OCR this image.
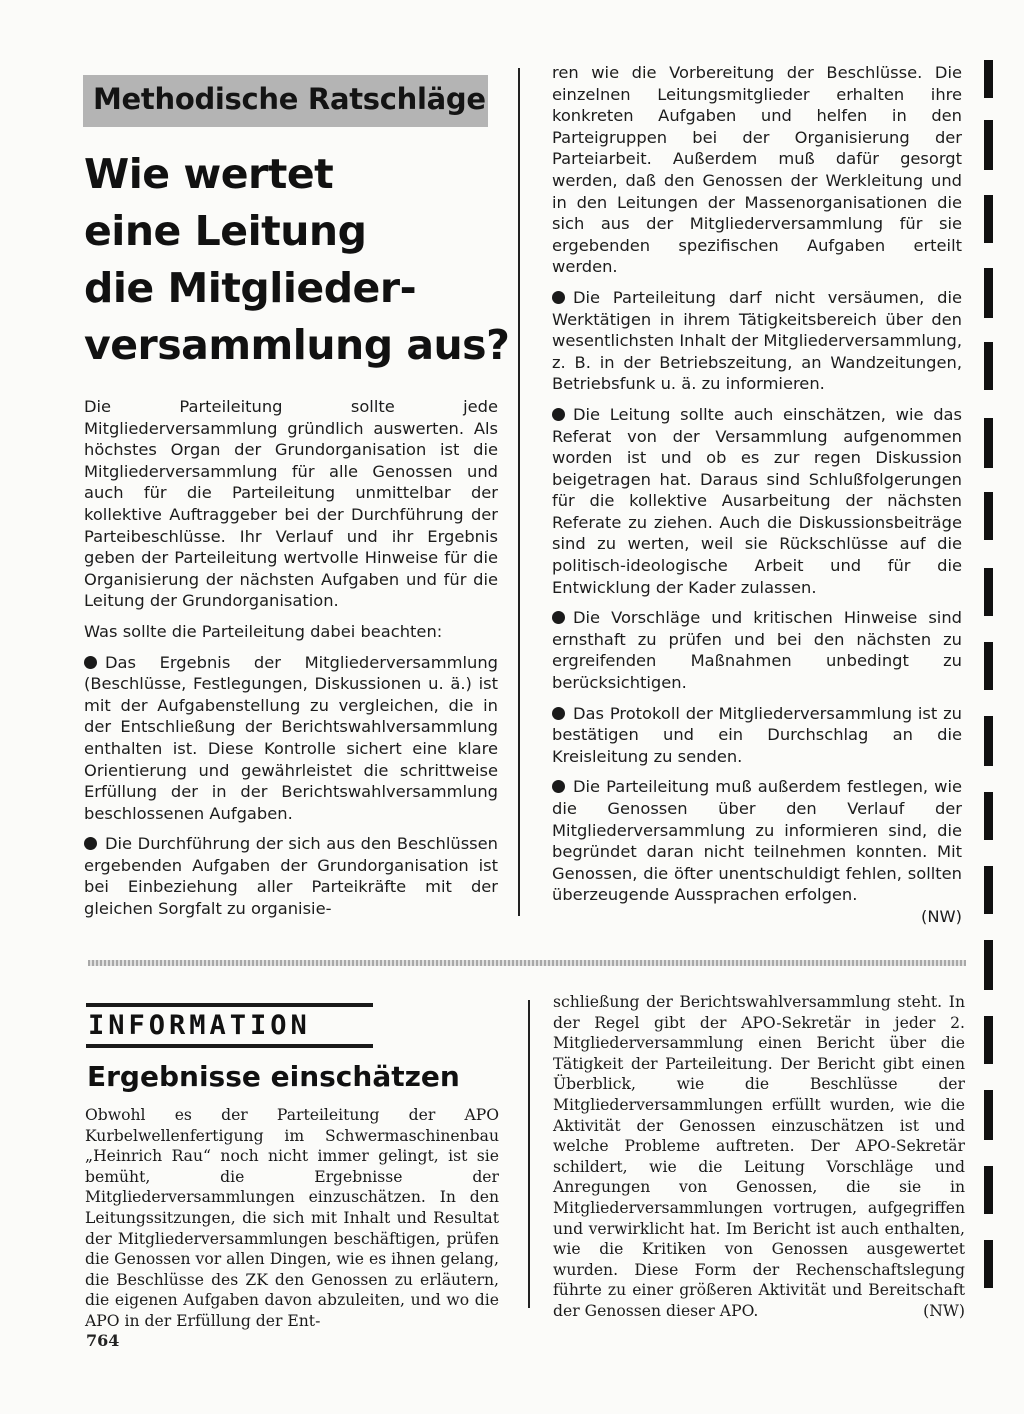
Methodische Ratschläge
Wie wertet
eine Leitung
die Mitglieder-
versammlung aus?

Die Parteileitung sollte jede Mitgliederversammlung gründlich auswerten. Als höchstes Organ der Grundorganisation ist die Mitgliederversammlung für alle Genossen und auch für die Parteileitung unmittelbar der kollektive Auftraggeber bei der Durchführung der Parteibeschlüsse. Ihr Verlauf und ihr Ergebnis geben der Parteileitung wertvolle Hinweise für die Organisierung der nächsten Aufgaben und für die Leitung der Grundorganisation.

Was sollte die Parteileitung dabei beachten:

Das Ergebnis der Mitgliederversammlung (Beschlüsse, Festlegungen, Diskussionen u. ä.) ist mit der Aufgabenstellung zu vergleichen, die in der Entschließung der Berichtswahlversammlung enthalten ist. Diese Kontrolle sichert eine klare Orientierung und gewährleistet die schrittweise Erfüllung der in der Berichtswahlversammlung beschlossenen Aufgaben.

Die Durchführung der sich aus den Beschlüssen ergebenden Aufgaben der Grundorganisation ist bei Einbeziehung aller Parteikräfte mit der gleichen Sorgfalt zu organisie-

ren wie die Vorbereitung der Beschlüsse. Die einzelnen Leitungsmitglieder erhalten ihre konkreten Aufgaben und helfen in den Parteigruppen bei der Organisierung der Parteiarbeit. Außerdem muß dafür gesorgt werden, daß den Genossen der Werkleitung und in den Leitungen der Massenorganisationen die sich aus der Mitgliederversammlung für sie ergebenden spezifischen Aufgaben erteilt werden.

Die Parteileitung darf nicht versäumen, die Werktätigen in ihrem Tätigkeitsbereich über den wesentlichsten Inhalt der Mitgliederversammlung, z. B. in der Betriebszeitung, an Wandzeitungen, Betriebsfunk u. ä. zu informieren.

Die Leitung sollte auch einschätzen, wie das Referat von der Versammlung aufgenommen worden ist und ob es zur regen Diskussion beigetragen hat. Daraus sind Schlußfolgerungen für die kollektive Ausarbeitung der nächsten Referate zu ziehen. Auch die Diskussionsbeiträge sind zu werten, weil sie Rückschlüsse auf die politisch-ideologische Arbeit und für die Entwicklung der Kader zulassen.

Die Vorschläge und kritischen Hinweise sind ernsthaft zu prüfen und bei den nächsten zu ergreifenden Maßnahmen unbedingt zu berücksichtigen.

Das Protokoll der Mitgliederversammlung ist zu bestätigen und ein Durchschlag an die Kreisleitung zu senden.

Die Parteileitung muß außerdem festlegen, wie die Genossen über den Verlauf der Mitgliederversammlung zu informieren sind, die begründet daran nicht teilnehmen konnten. Mit Genossen, die öfter unentschuldigt fehlen, sollten überzeugende Aussprachen erfolgen.

(NW)

INFORMATION
Ergebnisse einschätzen

Obwohl es der Parteileitung der APO Kurbelwellenfertigung im Schwermaschinenbau „Heinrich Rau“ noch nicht immer gelingt, ist sie bemüht, die Ergebnisse der Mitgliederversammlungen einzuschätzen. In den Leitungssitzungen, die sich mit Inhalt und Resultat der Mitgliederversammlungen beschäftigen, prüfen die Genossen vor allen Dingen, wie es ihnen gelang, die Beschlüsse des ZK den Genossen zu erläutern, die eigenen Aufgaben davon abzuleiten, und wo die APO in der Erfüllung der Ent-

schließung der Berichtswahlversammlung steht. In der Regel gibt der APO-Sekretär in jeder 2. Mitgliederversammlung einen Bericht über die Tätigkeit der Parteileitung. Der Bericht gibt einen Überblick, wie die Beschlüsse der Mitgliederversammlungen erfüllt wurden, wie die Aktivität der Genossen einzuschätzen ist und welche Probleme auftreten. Der APO-Sekretär schildert, wie die Leitung Vorschläge und Anregungen von Genossen, die sie in Mitgliederversammlungen vortrugen, aufgegriffen und verwirklicht hat. Im Bericht ist auch enthalten, wie die Kritiken von Genossen ausgewertet wurden. Diese Form der Rechenschaftslegung führte zu einer größeren Aktivität und Bereitschaft der Genossen dieser APO.	(NW)

764
